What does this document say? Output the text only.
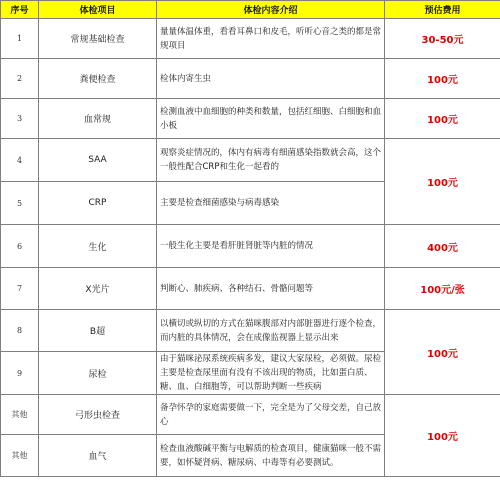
序号	体检项目	体检内容介绍	预估费用
1	常规基础检查	量量体温体重，看看耳鼻口和皮毛，听听心音之类的都是常规项目	30-50元
2	粪便检查	检体内寄生虫	100元
3	血常规	检测血液中血细胞的种类和数量，包括红细胞、白细胞和血小板	100元
4	SAA	观察炎症情况的，体内有病毒有细菌感染指数就会高，这个一般性配合CRP和生化一起看的	100元
5	CRP	主要是检查细菌感染与病毒感染	
6	生化	一般生化主要是看肝脏肾脏等内脏的情况	400元
7	X光片	判断心、肺疾病、各种结石、骨骼问题等	100元/张
8	B超	以横切或纵切的方式在猫咪腹部对内部脏器进行逐个检查，而内脏的具体情况，会在成像监视器上显示出来	100元
9	尿检	由于猫咪泌尿系统疾病多发，建议大家尿检，必须做。尿检主要是检查尿里面有没有不该出现的物质，比如蛋白质、糖、血、白细胞等，可以帮助判断一些疾病	
其他	弓形虫检查	备孕怀孕的家庭需要做一下，完全是为了父母交差，自己放心	100元
其他	血气	检查血液酸碱平衡与电解质的检查项目，健康猫咪一般不需要，如怀疑肾病、糖尿病、中毒等有必要测试。	
